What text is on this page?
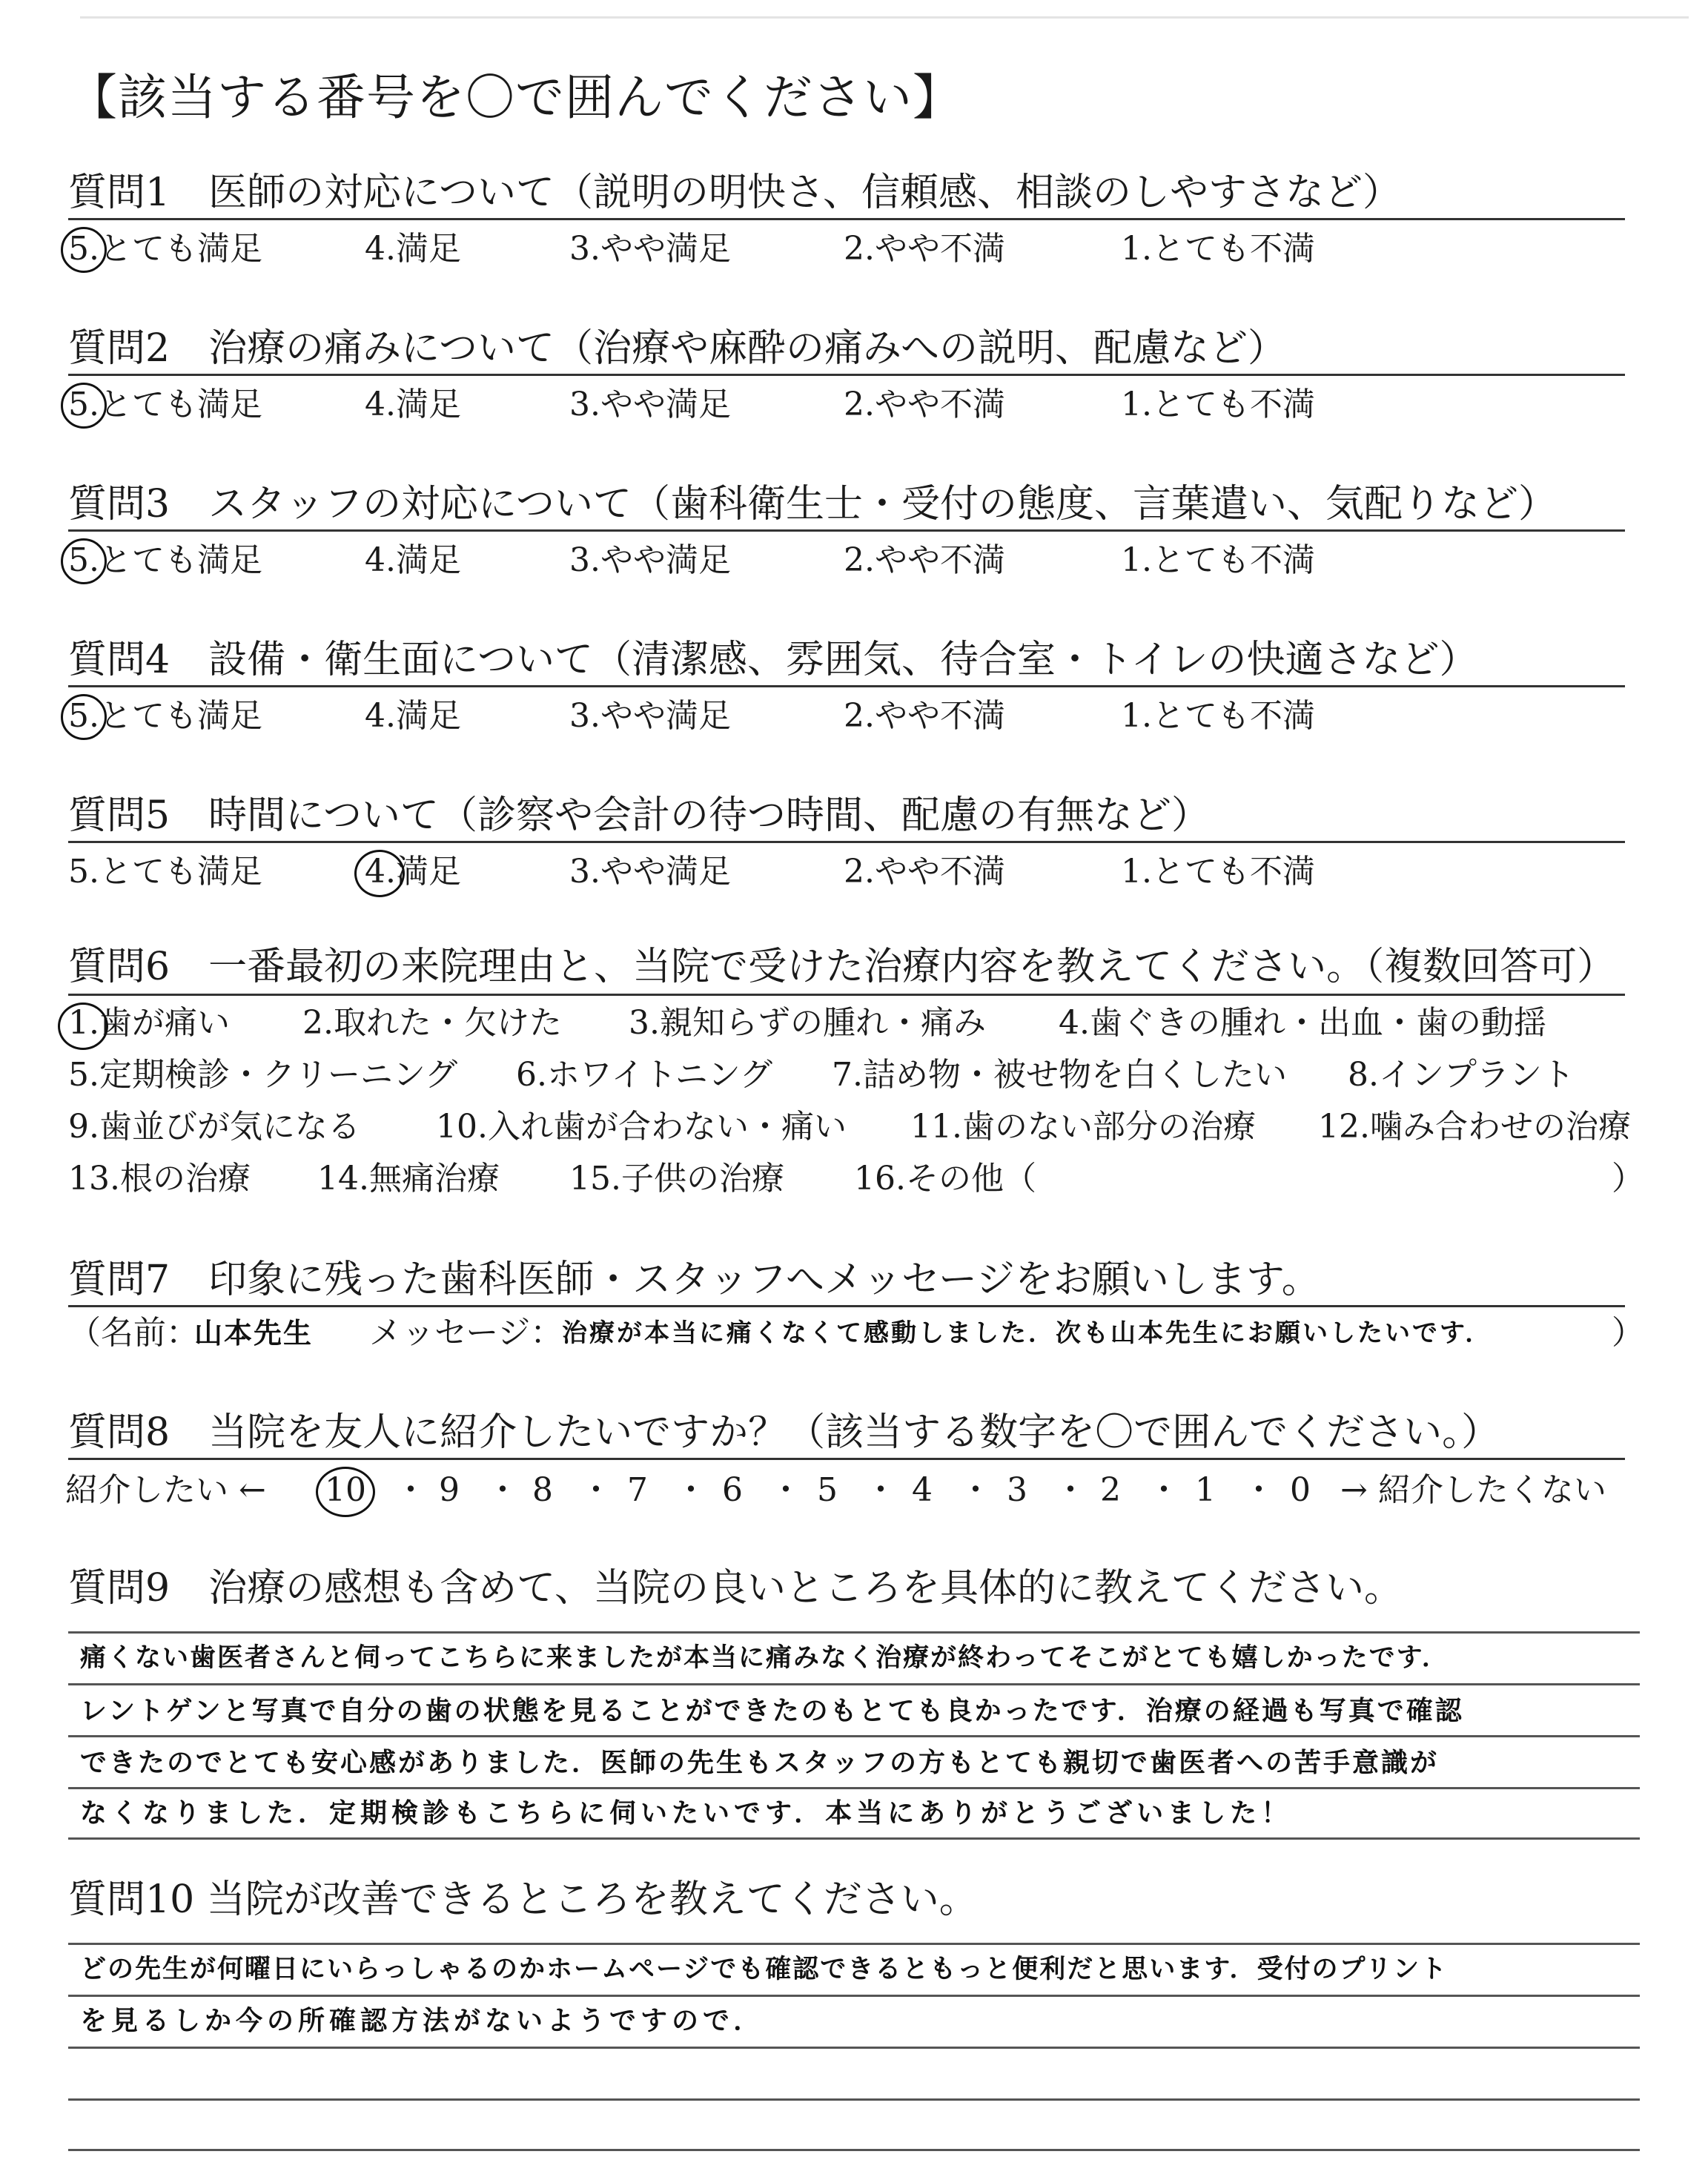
【該当する番号を〇で囲んでください】
質問1　医師の対応について（説明の明快さ、信頼感、相談のしやすさなど）
5.とても満足	4.満足	3.やや満足	2.やや不満	1.とても不満
質問2　治療の痛みについて（治療や麻酔の痛みへの説明、配慮など）
5.とても満足	4.満足	3.やや満足	2.やや不満	1.とても不満
質問3　スタッフの対応について（歯科衛生士・受付の態度、言葉遣い、気配りなど）
5.とても満足	4.満足	3.やや満足	2.やや不満	1.とても不満
質問4　設備・衛生面について（清潔感、雰囲気、待合室・トイレの快適さなど）
5.とても満足	4.満足	3.やや満足	2.やや不満	1.とても不満
質問5　時間について（診察や会計の待つ時間、配慮の有無など）
5.とても満足	4.満足	3.やや満足	2.やや不満	1.とても不満
質問6　一番最初の来院理由と、当院で受けた治療内容を教えてください。（複数回答可）
1.歯が痛い 2.取れた・欠けた 3.親知らずの腫れ・痛み 4.歯ぐきの腫れ・出血・歯の動揺
5.定期検診・クリーニング 6.ホワイトニング 7.詰め物・被せ物を白くしたい 8.インプラント
9.歯並びが気になる 10.入れ歯が合わない・痛い 11.歯のない部分の治療 12.噛み合わせの治療
13.根の治療 14.無痛治療 15.子供の治療 16.その他（	）
質問7　印象に残った歯科医師・スタッフへメッセージをお願いします。
（名前：
山本先生 メッセージ：
治療が本当に痛くなくて感動しました．次も山本先生にお願いしたいです．	）
質問8　当院を友人に紹介したいですか？（該当する数字を〇で囲んでください。）
紹介したい ← 10 ・ 9 ・ 8 ・ 7 ・ 6 ・ 5 ・ 4 ・ 3 ・ 2 ・ 1 ・ 0 → 紹介したくない
質問9　治療の感想も含めて、当院の良いところを具体的に教えてください。
痛くない歯医者さんと伺ってこちらに来ましたが本当に痛みなく治療が終わってそこがとても嬉しかったです．
レントゲンと写真で自分の歯の状態を見ることができたのもとても良かったです．治療の経過も写真で確認
できたのでとても安心感がありました．医師の先生もスタッフの方もとても親切で歯医者への苦手意識が
なくなりました．定期検診もこちらに伺いたいです．本当にありがとうございました！
質問10 当院が改善できるところを教えてください。
どの先生が何曜日にいらっしゃるのかホームページでも確認できるともっと便利だと思います．受付のプリント
を見るしか今の所確認方法がないようですので．
